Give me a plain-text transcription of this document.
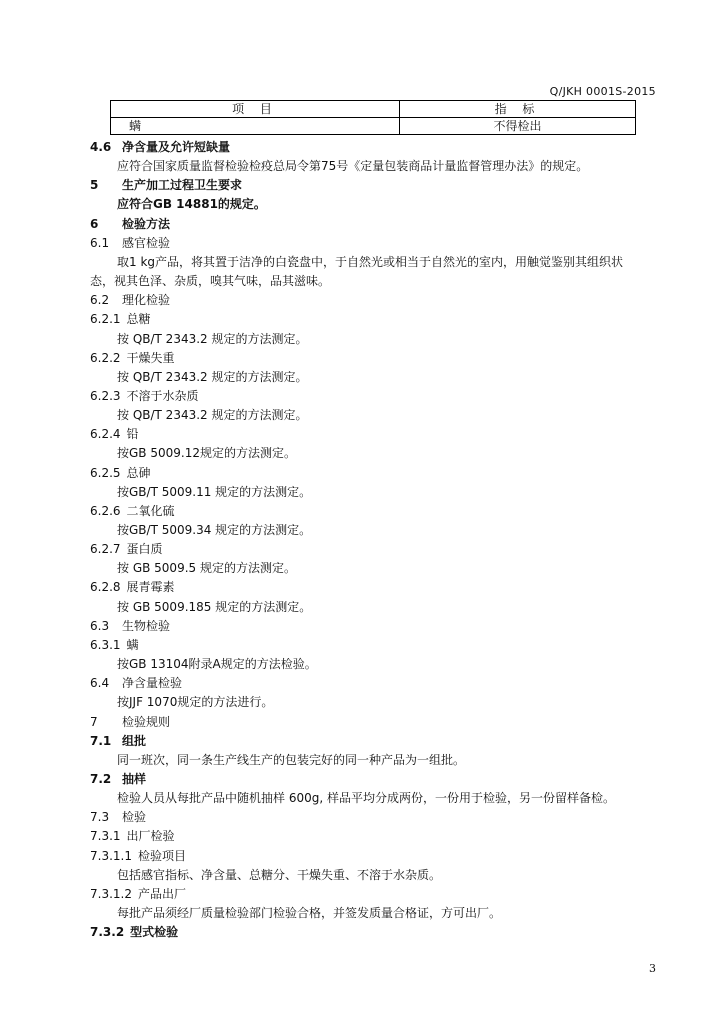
Q/JKH 0001S-2015
项 目	指 标
螨	不得检出
4.6 净含量及允许短缺量
应符合国家质量监督检验检疫总局令第75号《定量包装商品计量监督管理办法》的规定。
5 生产加工过程卫生要求
应符合GB 14881的规定。
6 检验方法
6.1 感官检验
取1 kg产品，将其置于洁净的白瓷盘中，于自然光或相当于自然光的室内，用触觉鉴别其组织状
态，视其色泽、杂质，嗅其气味，品其滋味。
6.2 理化检验
6.2.1 总糖
按 QB/T 2343.2 规定的方法测定。
6.2.2 干燥失重
按 QB/T 2343.2 规定的方法测定。
6.2.3 不溶于水杂质
按 QB/T 2343.2 规定的方法测定。
6.2.4 铅
按GB 5009.12规定的方法测定。
6.2.5 总砷
按GB/T 5009.11 规定的方法测定。
6.2.6 二氧化硫
按GB/T 5009.34 规定的方法测定。
6.2.7 蛋白质
按 GB 5009.5 规定的方法测定。
6.2.8 展青霉素
按 GB 5009.185 规定的方法测定。
6.3 生物检验
6.3.1 螨
按GB 13104附录A规定的方法检验。
6.4 净含量检验
按JJF 1070规定的方法进行。
7 检验规则
7.1 组批
同一班次，同一条生产线生产的包装完好的同一种产品为一组批。
7.2 抽样
检验人员从每批产品中随机抽样 600g, 样品平均分成两份，一份用于检验，另一份留样备检。
7.3 检验
7.3.1 出厂检验
7.3.1.1 检验项目
包括感官指标、净含量、总糖分、干燥失重、不溶于水杂质。
7.3.1.2 产品出厂
每批产品须经厂质量检验部门检验合格，并签发质量合格证，方可出厂。
7.3.2 型式检验
3
